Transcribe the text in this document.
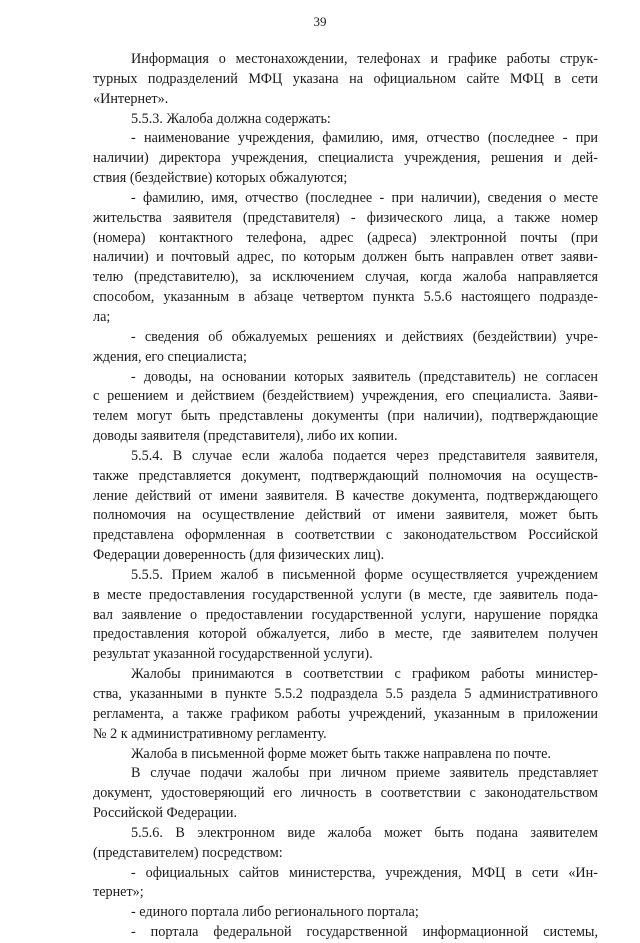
39
Информация о местонахождении, телефонах и графике работы струк-
турных подразделений МФЦ указана на официальном сайте МФЦ в сети
«Интернет».
5.5.3. Жалоба должна содержать:
- наименование учреждения, фамилию, имя, отчество (последнее - при
наличии) директора учреждения, специалиста учреждения, решения и дей-
ствия (бездействие) которых обжалуются;
- фамилию, имя, отчество (последнее - при наличии), сведения о месте
жительства заявителя (представителя) - физического лица, а также номер
(номера) контактного телефона, адрес (адреса) электронной почты (при
наличии) и почтовый адрес, по которым должен быть направлен ответ заяви-
телю (представителю), за исключением случая, когда жалоба направляется
способом, указанным в абзаце четвертом пункта 5.5.6 настоящего подразде-
ла;
- сведения об обжалуемых решениях и действиях (бездействии) учре-
ждения, его специалиста;
- доводы, на основании которых заявитель (представитель) не согласен
с решением и действием (бездействием) учреждения, его специалиста. Заяви-
телем могут быть представлены документы (при наличии), подтверждающие
доводы заявителя (представителя), либо их копии.
5.5.4. В случае если жалоба подается через представителя заявителя,
также представляется документ, подтверждающий полномочия на осуществ-
ление действий от имени заявителя. В качестве документа, подтверждающего
полномочия на осуществление действий от имени заявителя, может быть
представлена оформленная в соответствии с законодательством Российской
Федерации доверенность (для физических лиц).
5.5.5. Прием жалоб в письменной форме осуществляется учреждением
в месте предоставления государственной услуги (в месте, где заявитель пода-
вал заявление о предоставлении государственной услуги, нарушение порядка
предоставления которой обжалуется, либо в месте, где заявителем получен
результат указанной государственной услуги).
Жалобы принимаются в соответствии с графиком работы министер-
ства, указанными в пункте 5.5.2 подраздела 5.5 раздела 5 административного
регламента, а также графиком работы учреждений, указанным в приложении
№ 2 к административному регламенту.
Жалоба в письменной форме может быть также направлена по почте.
В случае подачи жалобы при личном приеме заявитель представляет
документ, удостоверяющий его личность в соответствии с законодательством
Российской Федерации.
5.5.6. В электронном виде жалоба может быть подана заявителем
(представителем) посредством:
- официальных сайтов министерства, учреждения, МФЦ в сети «Ин-
тернет»;
- единого портала либо регионального портала;
- портала федеральной государственной информационной системы,
